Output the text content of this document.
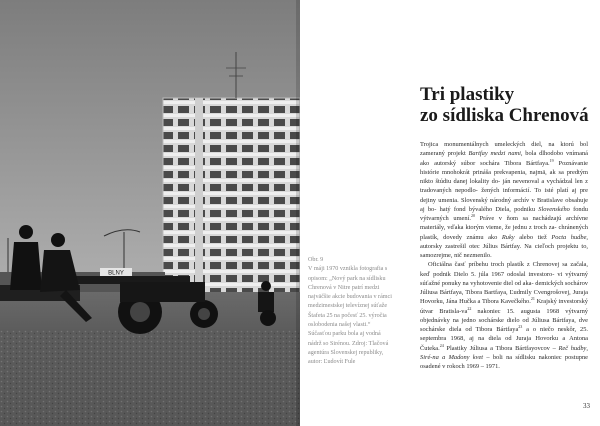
BLNY
Obr. 9

V máji 1970 vznikla fotografia s opisom: „Nový park na sídlisku Chrenová v Nitre patrí medzi najväčšie akcie budovania v rámci medzimestskej televíznej súťaže Štafeta 25 na počesť 25. výročia oslobodenia našej vlasti.“ Súčasťou parku bola aj vodná nádrž so Sirénou. Zdroj: Tlačová agentúra Slovenskej republiky, autor: Ľudovít Fule

Tri plastiky
zo sídliska Chrenová

Trojica monumentálnych umeleckých diel, na ktorú bol zameraný projekt Bartfay medzi nami, bola dlhodobo vnímaná ako autorský súbor sochára Tibora Bártfaya.$^{19}$ Poznávanie histórie mnohokrát prináša prekvapenia, najmä, ak sa predtým nikto štúdiu danej lokality do- ján nevenoval a vychádzal len z tradovaných nepodlo- žených informácií. To isté platí aj pre dejiny umenia. Slovenský národný archív v Bratislave obsahuje aj bo- hatý fond bývalého Diela, podniku Slovenského fondu výtvarných umení.$^{20}$ Práve v ňom sa nachádzajú archívne materiály, vďaka ktorým vieme, že jednu z troch za- chránených plastík, dovedy známu ako Ruky alebo tiež Pocta hudbe, autorsky zastrešil otec Július Bártfay. Na cieľoch projektu to, samozrejme, nič nezmenilo.

Oficiálna časť príbehu troch plastík z Chrenovej sa začala, keď podnik Dielo 5. júla 1967 odoslal investoro- vi výtvarný súťažné ponuky na vyhotovenie diel od aka- demických sochárov Júliusa Bártfaya, Tibora Bartfaya, Ľudmily Cvengrošovej, Juraja Hovorku, Jána Hučka a Tibora Kavečkého.$^{21}$ Krajský investorský útvar Bratisla-$va^{22}$ nakoniec 15. augusta 1968 výtvarný objednávky na jedno sochárske dielo od Júliusa Bártfaya, dve sochárske diela od Tibora Bártfaya$^{23}$ a o niečo neskôr, 25. septembra 1968, aj na diela od Juraja Hovorku a Antona Čuteka.$^{24}$ Plastiky Júliusa a Tibora Bártfayovcov – Reč hudby, Siré-na a Madony kvet – boli na sídlisku nakoniec postupne osadené v rokoch 1969 – 1971.

33
